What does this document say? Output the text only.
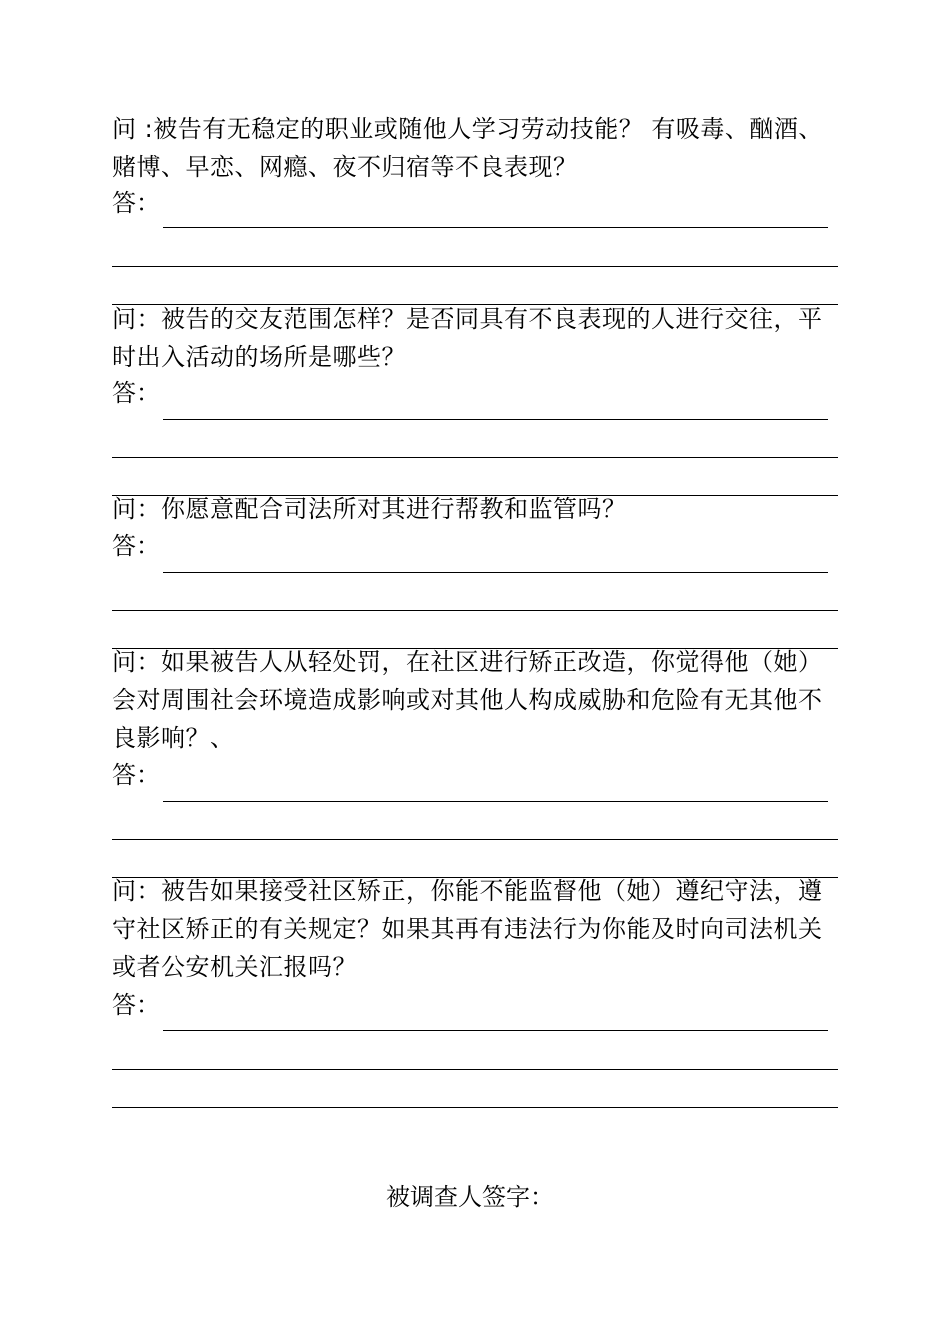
问 :被告有无稳定的职业或随他人学习劳动技能？ 有吸毒、酗酒、赌博、早恋、网瘾、夜不归宿等不良表现？
答：
问：被告的交友范围怎样？是否同具有不良表现的人进行交往，平时出入活动的场所是哪些？
答：
问：你愿意配合司法所对其进行帮教和监管吗？
答：
问：如果被告人从轻处罚，在社区进行矫正改造，你觉得他（她）会对周围社会环境造成影响或对其他人构成威胁和危险有无其他不良影响？、
答：
问：被告如果接受社区矫正，你能不能监督他（她）遵纪守法，遵守社区矫正的有关规定？如果其再有违法行为你能及时向司法机关或者公安机关汇报吗？
答：
被调查人签字：
